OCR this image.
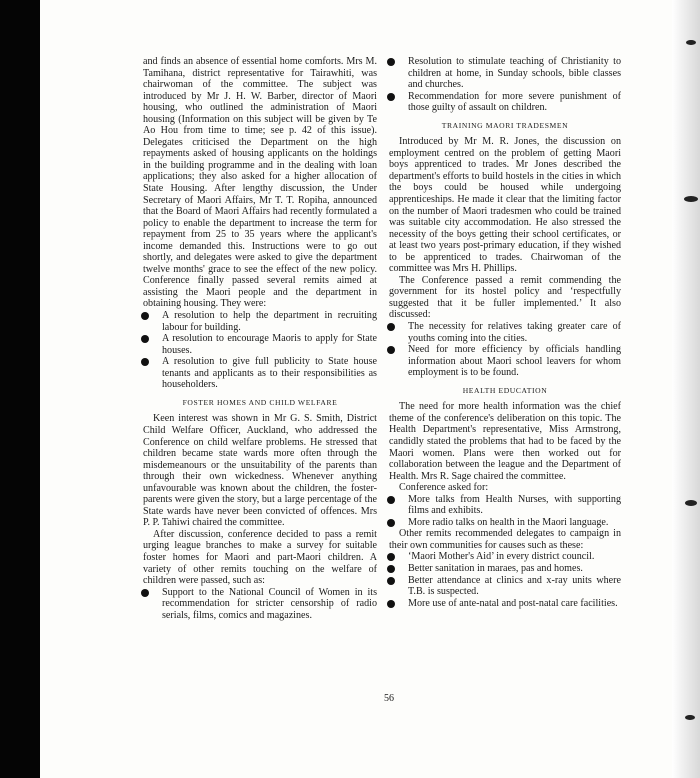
and finds an absence of essential home comforts. Mrs M. Tamihana, district representative for Tairawhiti, was chairwoman of the committee. The subject was introduced by Mr J. H. W. Barber, director of Maori housing, who outlined the administration of Maori housing (Information on this subject will be given by Te Ao Hou from time to time; see p. 42 of this issue). Delegates criticised the Department on the high repayments asked of housing applicants on the holdings in the building programme and in the dealing with loan applications; they also asked for a higher allocation of State Housing. After lengthy discussion, the Under Secretary of Maori Affairs, Mr T. T. Ropiha, announced that the Board of Maori Affairs had recently formulated a policy to enable the department to increase the term for repayment from 25 to 35 years where the applicant's income demanded this. Instructions were to go out shortly, and delegates were asked to give the department twelve months' grace to see the effect of the new policy. Conference finally passed several remits aimed at assisting the Maori people and the department in obtaining housing. They were:

A resolution to help the department in recruiting labour for building.
A resolution to encourage Maoris to apply for State houses.
A resolution to give full publicity to State house tenants and applicants as to their responsibilities as householders.
FOSTER HOMES AND CHILD WELFARE

Keen interest was shown in Mr G. S. Smith, District Child Welfare Officer, Auckland, who addressed the Conference on child welfare problems. He stressed that children became state wards more often through the misdemeanours or the unsuitability of the parents than through their own wickedness. Whenever anything unfavourable was known about the children, the foster-parents were given the story, but a large percentage of the State wards have never been convicted of offences. Mrs P. P. Tahiwi chaired the committee.

After discussion, conference decided to pass a remit urging league branches to make a survey for suitable foster homes for Maori and part-Maori children. A variety of other remits touching on the welfare of children were passed, such as:

Support to the National Council of Women in its recommendation for stricter censorship of radio serials, films, comics and magazines.
Resolution to stimulate teaching of Christianity to children at home, in Sunday schools, bible classes and churches.
Recommendation for more severe punishment of those guilty of assault on children.
TRAINING MAORI TRADESMEN

Introduced by Mr M. R. Jones, the discussion on employment centred on the problem of getting Maori boys apprenticed to trades. Mr Jones described the department's efforts to build hostels in the cities in which the boys could be housed while undergoing apprenticeships. He made it clear that the limiting factor on the number of Maori tradesmen who could be trained was suitable city accommodation. He also stressed the necessity of the boys getting their school certificates, or at least two years post-primary education, if they wished to be apprenticed to trades. Chairwoman of the committee was Mrs H. Phillips.

The Conference passed a remit commending the government for its hostel policy and ‘respectfully suggested that it be fuller implemented.’ It also discussed:

The necessity for relatives taking greater care of youths coming into the cities.
Need for more efficiency by officials handling information about Maori school leavers for whom employment is to be found.
HEALTH EDUCATION

The need for more health information was the chief theme of the conference's deliberation on this topic. The Health Department's representative, Miss Armstrong, candidly stated the problems that had to be faced by the Maori women. Plans were then worked out for collaboration between the league and the Department of Health. Mrs R. Sage chaired the committee.

Conference asked for:

More talks from Health Nurses, with supporting films and exhibits.
More radio talks on health in the Maori language.

Other remits recommended delegates to campaign in their own communities for causes such as these:

‘Maori Mother's Aid’ in every district council.
Better sanitation in maraes, pas and homes.
Better attendance at clinics and x-ray units where T.B. is suspected.
More use of ante-natal and post-natal care facilities.
56
